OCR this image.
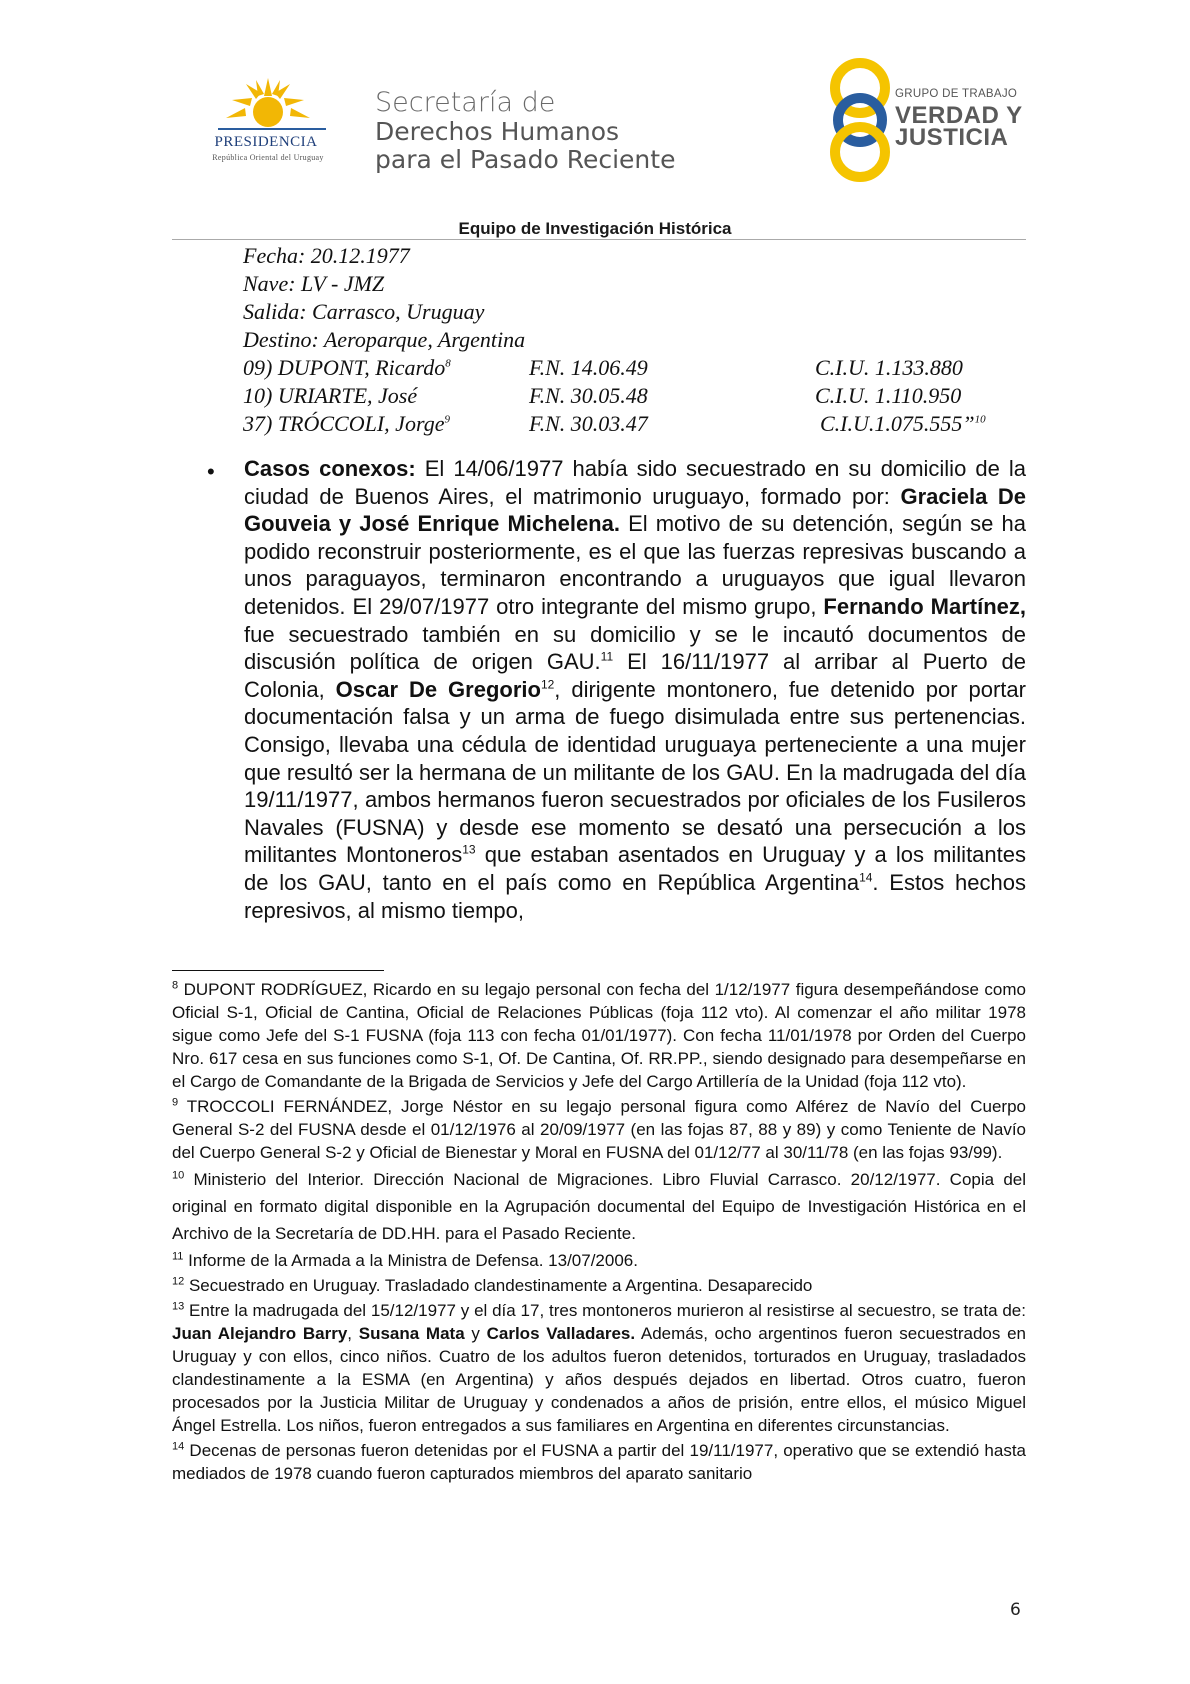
PRESIDENCIA
República Oriental del Uruguay
Secretaría de
Derechos Humanos
para el Pasado Reciente
GRUPO DE TRABAJO
VERDAD Y
JUSTICIA
Equipo de Investigación Histórica
Fecha: 20.12.1977
Nave: LV - JMZ
Salida: Carrasco, Uruguay
Destino: Aeroparque, Argentina
09) DUPONT, Ricardo$^8$	F.N. 14.06.49	C.I.U. 1.133.880
10) URIARTE, José	F.N. 30.05.48	C.I.U. 1.110.950
37) TRÓCCOLI, Jorge$^9$	F.N. 30.03.47	C.I.U.1.075.555”$^{10}$
• Casos conexos: El 14/06/1977 había sido secuestrado en su domicilio de la ciudad de Buenos Aires, el matrimonio uruguayo, formado por: Graciela De Gouveia y José Enrique Michelena. El motivo de su detención, según se ha podido reconstruir posteriormente, es el que las fuerzas represivas buscando a unos paraguayos, terminaron encontrando a uruguayos que igual llevaron detenidos. El 29/07/1977 otro integrante del mismo grupo, Fernando Martínez, fue secuestrado también en su domicilio y se le incautó documentos de discusión política de origen GAU.$^{11}$ El 16/11/1977 al arribar al Puerto de Colonia, Oscar De Gregorio$^{12}$, dirigente montonero, fue detenido por portar documentación falsa y un arma de fuego disimulada entre sus pertenencias. Consigo, llevaba una cédula de identidad uruguaya perteneciente a una mujer que resultó ser la hermana de un militante de los GAU. En la madrugada del día 19/11/1977, ambos hermanos fueron secuestrados por oficiales de los Fusileros Navales (FUSNA) y desde ese momento se desató una persecución a los militantes Montoneros$^{13}$ que estaban asentados en Uruguay y a los militantes de los GAU, tanto en el país como en República Argentina$^{14}$. Estos hechos represivos, al mismo tiempo,
$^8$ DUPONT RODRÍGUEZ, Ricardo en su legajo personal con fecha del 1/12/1977 figura desempeñándose como Oficial S-1, Oficial de Cantina, Oficial de Relaciones Públicas (foja 112 vto). Al comenzar el año militar 1978 sigue como Jefe del S-1 FUSNA (foja 113 con fecha 01/01/1977). Con fecha 11/01/1978 por Orden del Cuerpo Nro. 617 cesa en sus funciones como S-1, Of. De Cantina, Of. RR.PP., siendo designado para desempeñarse en el Cargo de Comandante de la Brigada de Servicios y Jefe del Cargo Artillería de la Unidad (foja 112 vto).
$^9$ TROCCOLI FERNÁNDEZ, Jorge Néstor en su legajo personal figura como Alférez de Navío del Cuerpo General S-2 del FUSNA desde el 01/12/1976 al 20/09/1977 (en las fojas 87, 88 y 89) y como Teniente de Navío del Cuerpo General S-2 y Oficial de Bienestar y Moral en FUSNA del 01/12/77 al 30/11/78 (en las fojas 93/99).
$^{10}$ Ministerio del Interior. Dirección Nacional de Migraciones. Libro Fluvial Carrasco. 20/12/1977. Copia del original en formato digital disponible en la Agrupación documental del Equipo de Investigación Histórica en el Archivo de la Secretaría de DD.HH. para el Pasado Reciente.
$^{11}$ Informe de la Armada a la Ministra de Defensa. 13/07/2006.
$^{12}$ Secuestrado en Uruguay. Trasladado clandestinamente a Argentina. Desaparecido
$^{13}$ Entre la madrugada del 15/12/1977 y el día 17, tres montoneros murieron al resistirse al secuestro, se trata de: Juan Alejandro Barry, Susana Mata y Carlos Valladares. Además, ocho argentinos fueron secuestrados en Uruguay y con ellos, cinco niños. Cuatro de los adultos fueron detenidos, torturados en Uruguay, trasladados clandestinamente a la ESMA (en Argentina) y años después dejados en libertad. Otros cuatro, fueron procesados por la Justicia Militar de Uruguay y condenados a años de prisión, entre ellos, el músico Miguel Ángel Estrella. Los niños, fueron entregados a sus familiares en Argentina en diferentes circunstancias.
$^{14}$ Decenas de personas fueron detenidas por el FUSNA a partir del 19/11/1977, operativo que se extendió hasta mediados de 1978 cuando fueron capturados miembros del aparato sanitario
6
